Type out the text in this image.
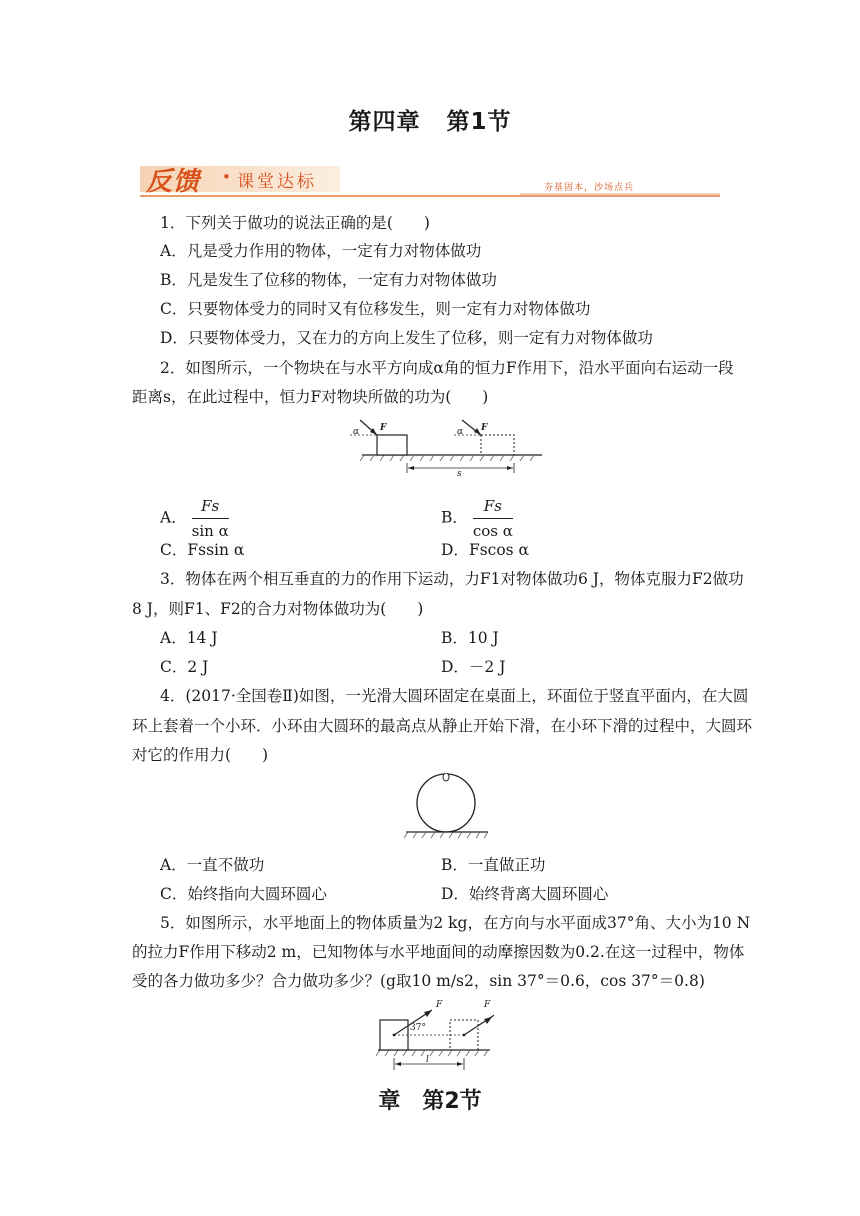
第四章 第1节
反馈 • 课堂达标	夯基固本，沙场点兵
1．下列关于做功的说法正确的是(　　)
A．凡是受力作用的物体，一定有力对物体做功
B．凡是发生了位移的物体，一定有力对物体做功
C．只要物体受力的同时又有位移发生，则一定有力对物体做功
D．只要物体受力，又在力的方向上发生了位移，则一定有力对物体做功
2．如图所示，一个物块在与水平方向成α角的恒力F作用下，沿水平面向右运动一段
距离s，在此过程中，恒力F对物块所做的功为(　　)
α F	α F
s
A． $\frac{Fs}{\text{sin α}}$	B． $\frac{Fs}{\text{cos α}}$
C．Fssin α	D．Fscos α
3．物体在两个相互垂直的力的作用下运动，力F1对物体做功6 J，物体克服力F2做功
8 J，则F1、F2的合力对物体做功为(　　)
A．14 J	B．10 J
C．2 J	D．－2 J
4．(2017·全国卷Ⅱ)如图，一光滑大圆环固定在桌面上，环面位于竖直平面内，在大圆
环上套着一个小环．小环由大圆环的最高点从静止开始下滑，在小环下滑的过程中，大圆环
对它的作用力(　　)
A．一直不做功	B．一直做正功
C．始终指向大圆环圆心	D．始终背离大圆环圆心
5．如图所示，水平地面上的物体质量为2 kg，在方向与水平面成37°角、大小为10 N
的拉力F作用下移动2 m，已知物体与水平地面间的动摩擦因数为0.2.在这一过程中，物体
受的各力做功多少？合力做功多少？(g取10 m/s2，sin 37°＝0.6，cos 37°＝0.8)
F	F
37°
l
章　第2节
